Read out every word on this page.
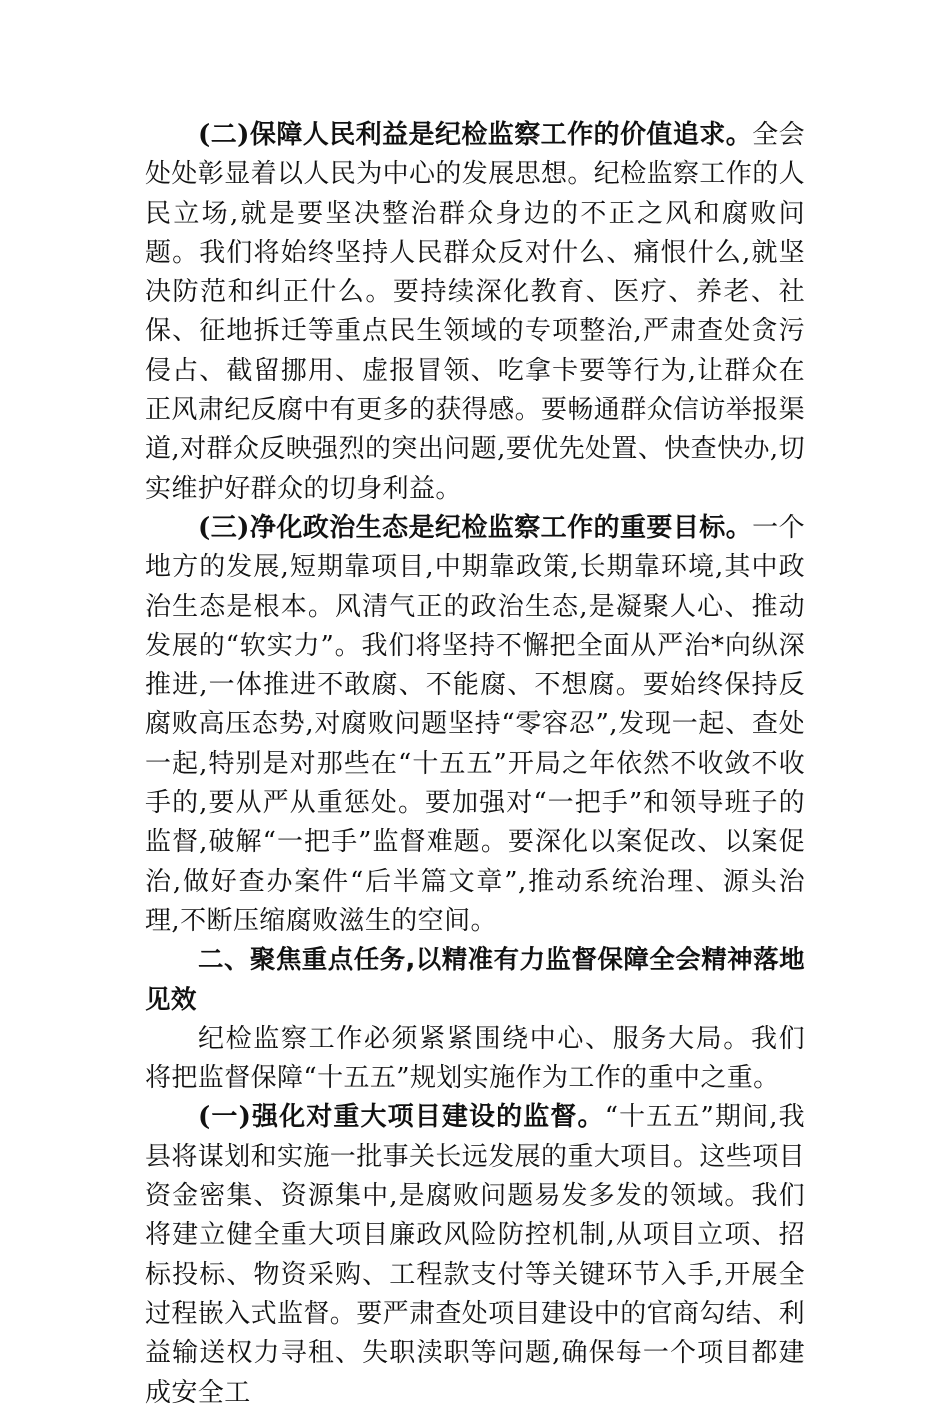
(二)保障人民利益是纪检监察工作的价值追求。全会处处彰显着以人民为中心的发展思想。纪检监察工作的人民立场,就是要坚决整治群众身边的不正之风和腐败问题。我们将始终坚持人民群众反对什么、痛恨什么,就坚决防范和纠正什么。要持续深化教育、医疗、养老、社保、征地拆迁等重点民生领域的专项整治,严肃查处贪污侵占、截留挪用、虚报冒领、吃拿卡要等行为,让群众在正风肃纪反腐中有更多的获得感。要畅通群众信访举报渠道,对群众反映强烈的突出问题,要优先处置、快查快办,切实维护好群众的切身利益。

(三)净化政治生态是纪检监察工作的重要目标。一个地方的发展,短期靠项目,中期靠政策,长期靠环境,其中政治生态是根本。风清气正的政治生态,是凝聚人心、推动发展的“软实力”。我们将坚持不懈把全面从严治*向纵深推进,一体推进不敢腐、不能腐、不想腐。要始终保持反腐败高压态势,对腐败问题坚持“零容忍”,发现一起、查处一起,特别是对那些在“十五五”开局之年依然不收敛不收手的,要从严从重惩处。要加强对“一把手”和领导班子的监督,破解“一把手”监督难题。要深化以案促改、以案促治,做好查办案件“后半篇文章”,推动系统治理、源头治理,不断压缩腐败滋生的空间。

二、聚焦重点任务,以精准有力监督保障全会精神落地见效

纪检监察工作必须紧紧围绕中心、服务大局。我们将把监督保障“十五五”规划实施作为工作的重中之重。

(一)强化对重大项目建设的监督。“十五五”期间,我县将谋划和实施一批事关长远发展的重大项目。这些项目资金密集、资源集中,是腐败问题易发多发的领域。我们将建立健全重大项目廉政风险防控机制,从项目立项、招标投标、物资采购、工程款支付等关键环节入手,开展全过程嵌入式监督。要严肃查处项目建设中的官商勾结、利益输送权力寻租、失职渎职等问题,确保每一个项目都建成安全工
